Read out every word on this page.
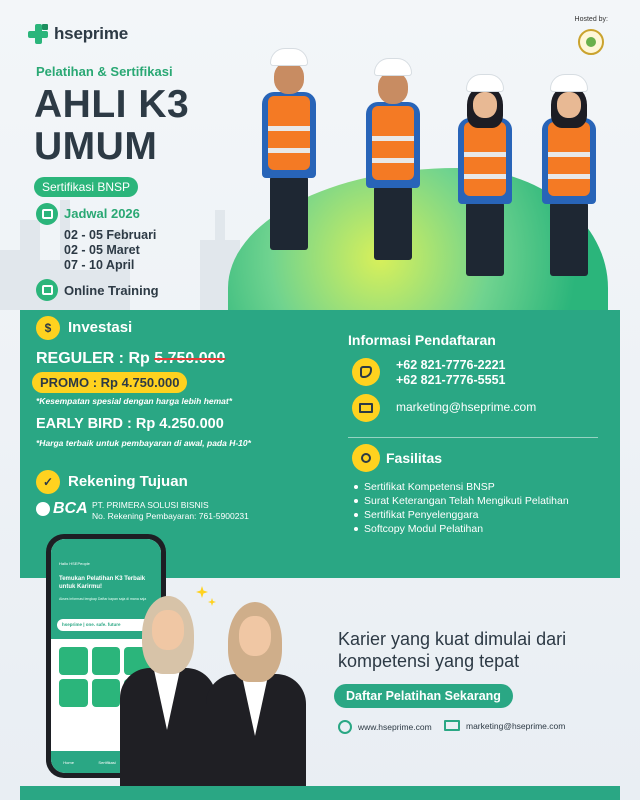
hseprime
Hosted by:
Pelatihan & Sertifikasi
AHLI K3
UMUM
Sertifikasi BNSP
Jadwal 2026
02 - 05 Februari
02 - 05 Maret
07 - 10 April
Online Training
$	Investasi
REGULER : Rp 5.750.000
PROMO : Rp 4.750.000
*Kesempatan spesial dengan harga lebih hemat*
EARLY BIRD : Rp 4.250.000
*Harga terbaik untuk pembayaran di awal, pada H-10*
✓ Rekening Tujuan
BCA PT. PRIMERA SOLUSI BISNIS
No. Rekening Pembayaran: 761-5900231
Informasi Pendaftaran
+62 821-7776-2221
+62 821-7776-5551
marketing@hseprime.com
Fasilitas
Sertifikat Kompetensi BNSP
Surat Keterangan Telah Mengikuti Pelatihan
Sertifikat Penyelenggara
Softcopy Modul Pelatihan
Hallo HSEPeople
Temukan Pelatihan K3 Terbaik untuk Karirmu!
Akses informasi lengkap Daftar kapan saja di mana saja
hseprime | one. safe. future
Home	Sertifikasi
Karier yang kuat dimulai dari kompetensi yang tepat
Daftar Pelatihan Sekarang
www.hseprime.com	marketing@hseprime.com
